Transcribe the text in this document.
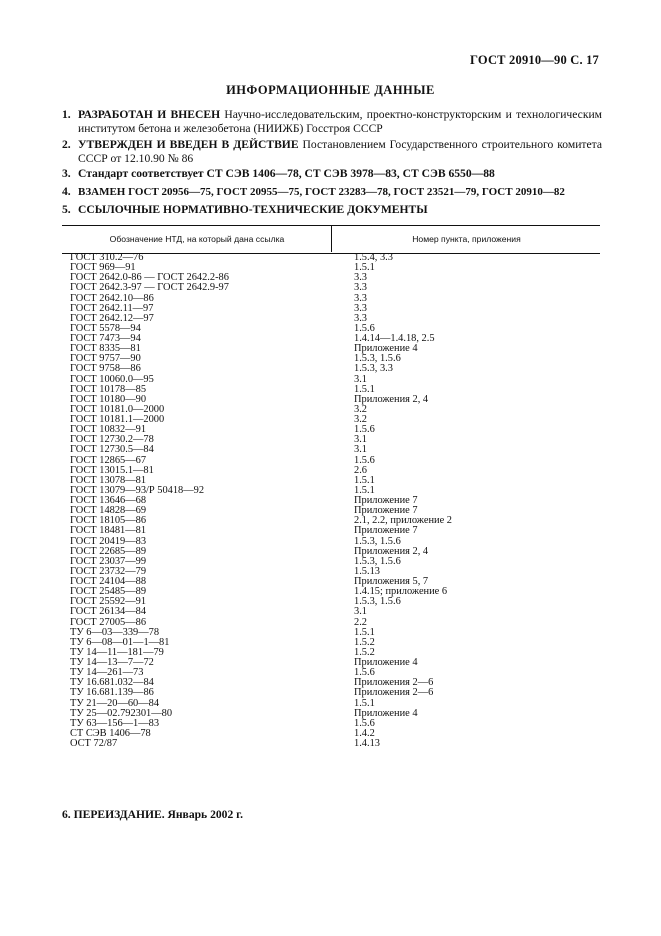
ГОСТ 20910—90 С. 17
ИНФОРМАЦИОННЫЕ ДАННЫЕ
1. РАЗРАБОТАН И ВНЕСЕН Научно-исследовательским, проектно-конструкторским и технологическим институтом бетона и железобетона (НИИЖБ) Госстроя СССР
2. УТВЕРЖДЕН И ВВЕДЕН В ДЕЙСТВИЕ Постановлением Государственного строительного комитета СССР от 12.10.90 № 86
3. Стандарт соответствует СТ СЭВ 1406—78, СТ СЭВ 3978—83, СТ СЭВ 6550—88
4. ВЗАМЕН ГОСТ 20956—75, ГОСТ 20955—75, ГОСТ 23283—78, ГОСТ 23521—79, ГОСТ 20910—82
5. ССЫЛОЧНЫЕ НОРМАТИВНО-ТЕХНИЧЕСКИЕ ДОКУМЕНТЫ
Обозначение НТД, на который дана ссылка	Номер пункта, приложения
ГОСТ 310.2—76	1.5.4, 3.3
ГОСТ 969—91	1.5.1
ГОСТ 2642.0-86 — ГОСТ 2642.2-86	3.3
ГОСТ 2642.3-97 — ГОСТ 2642.9-97	3.3
ГОСТ 2642.10—86	3.3
ГОСТ 2642.11—97	3.3
ГОСТ 2642.12—97	3.3
ГОСТ 5578—94	1.5.6
ГОСТ 7473—94	1.4.14—1.4.18, 2.5
ГОСТ 8335—81	Приложение 4
ГОСТ 9757—90	1.5.3, 1.5.6
ГОСТ 9758—86	1.5.3, 3.3
ГОСТ 10060.0—95	3.1
ГОСТ 10178—85	1.5.1
ГОСТ 10180—90	Приложения 2, 4
ГОСТ 10181.0—2000	3.2
ГОСТ 10181.1—2000	3.2
ГОСТ 10832—91	1.5.6
ГОСТ 12730.2—78	3.1
ГОСТ 12730.5—84	3.1
ГОСТ 12865—67	1.5.6
ГОСТ 13015.1—81	2.6
ГОСТ 13078—81	1.5.1
ГОСТ 13079—93/Р 50418—92	1.5.1
ГОСТ 13646—68	Приложение 7
ГОСТ 14828—69	Приложение 7
ГОСТ 18105—86	2.1, 2.2, приложение 2
ГОСТ 18481—81	Приложение 7
ГОСТ 20419—83	1.5.3, 1.5.6
ГОСТ 22685—89	Приложения 2, 4
ГОСТ 23037—99	1.5.3, 1.5.6
ГОСТ 23732—79	1.5.13
ГОСТ 24104—88	Приложения 5, 7
ГОСТ 25485—89	1.4.15; приложение 6
ГОСТ 25592—91	1.5.3, 1.5.6
ГОСТ 26134—84	3.1
ГОСТ 27005—86	2.2
ТУ 6—03—339—78	1.5.1
ТУ 6—08—01—1—81	1.5.2
ТУ 14—11—181—79	1.5.2
ТУ 14—13—7—72	Приложение 4
ТУ 14—261—73	1.5.6
ТУ 16.681.032—84	Приложения 2—6
ТУ 16.681.139—86	Приложения 2—6
ТУ 21—20—60—84	1.5.1
ТУ 25—02.792301—80	Приложение 4
ТУ 63—156—1—83	1.5.6
СТ СЭВ 1406—78	1.4.2
ОСТ 72/87	1.4.13
6. ПЕРЕИЗДАНИЕ. Январь 2002 г.
